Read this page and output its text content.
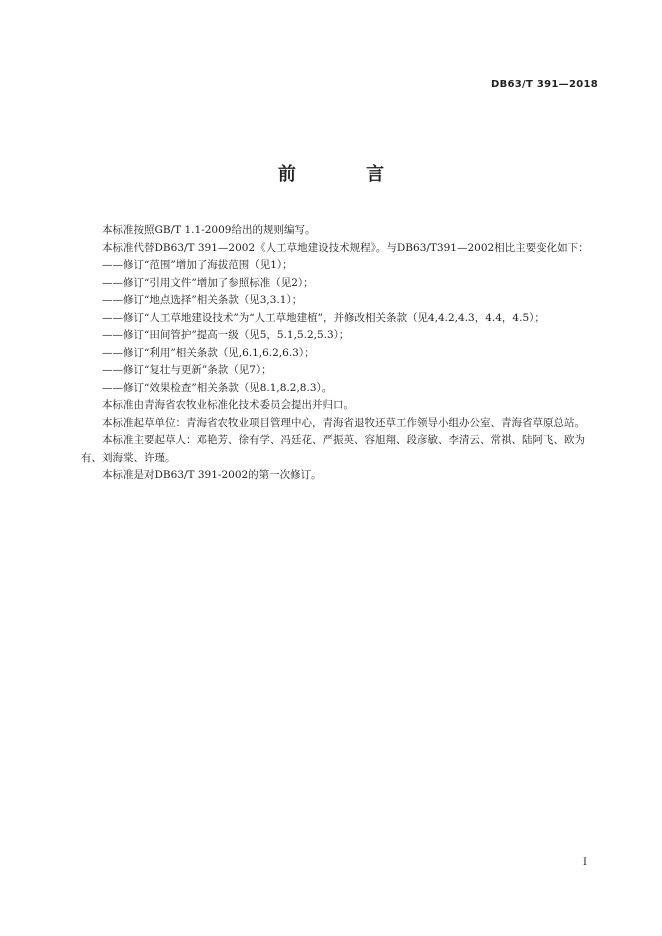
DB63/T 391—2018
前 言

本标准按照GB/T 1.1-2009给出的规则编写。

本标准代替DB63/T 391—2002《人工草地建设技术规程》。与DB63/T391—2002相比主要变化如下：

——修订“范围”增加了海拔范围（见1）；

——修订“引用文件”增加了参照标准（见2）；

——修订“地点选择”相关条款（见3,3.1）；

——修订“人工草地建设技术”为“人工草地建植”，并修改相关条款（见4,4.2,4.3，4.4，4.5）；

——修订“田间管护”提高一级（见5，5.1,5.2,5.3）；

——修订“利用”相关条款（见,6.1,6.2,6.3）；

——修订“复壮与更新”条款（见7）；

——修订“效果检查”相关条款（见8.1,8.2,8.3）。

本标准由青海省农牧业标准化技术委员会提出并归口。

本标准起草单位：青海省农牧业项目管理中心，青海省退牧还草工作领导小组办公室、青海省草原总站。

本标准主要起草人：邓艳芳、徐有学、冯廷花、严振英、容旭翔、段彦敏、李清云、常祺、陆阿飞、欧为有、刘海棠、许瑾。

本标准是对DB63/T 391-2002的第一次修订。

I
